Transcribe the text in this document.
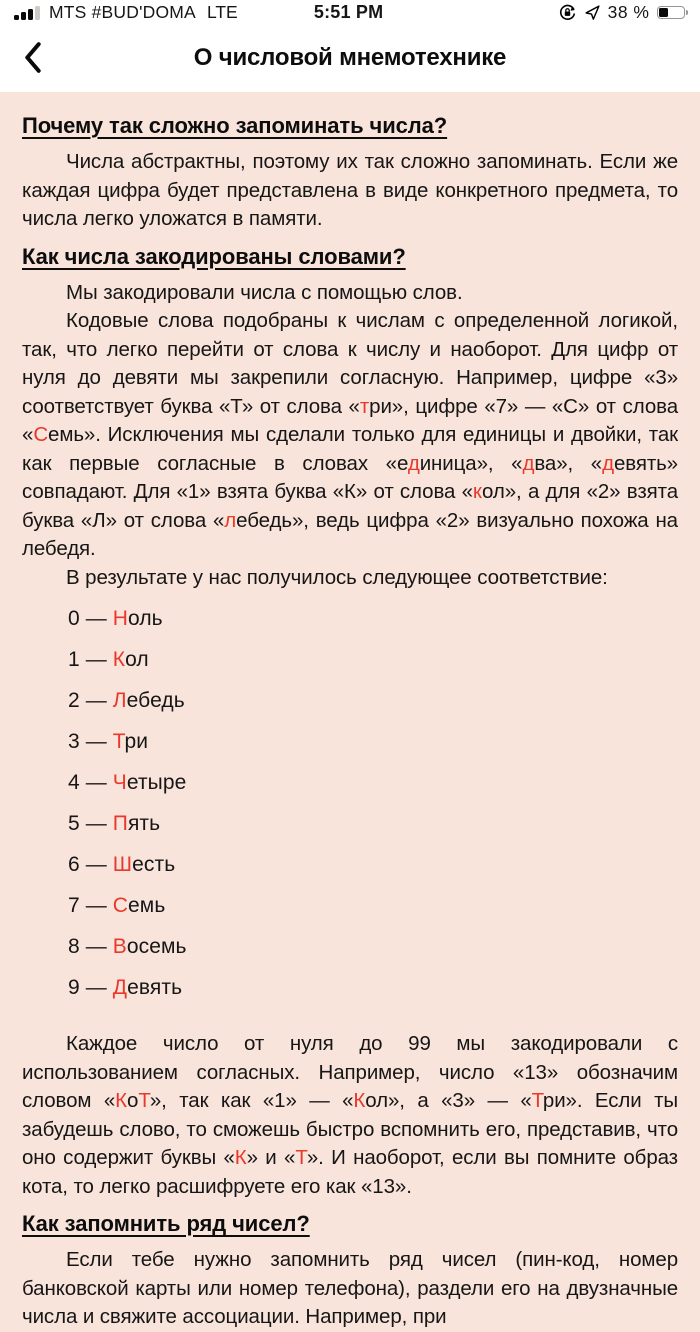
MTS #BUD'DOMA LTE	5:51 PM	38 %
О числовой мнемотехнике
Почему так сложно запоминать числа?

Числа абстрактны, поэтому их так сложно запоминать. Если же каждая цифра будет представлена в виде конкретного предмета, то числа легко уложатся в памяти.

Как числа закодированы словами?

Мы закодировали числа с помощью слов.

Кодовые слова подобраны к числам с определенной логикой, так, что легко перейти от слова к числу и наоборот. Для цифр от нуля до девяти мы закрепили согласную. Например, цифре «3» соответствует буква «Т» от слова «три», цифре «7» — «С» от слова «Семь». Исключения мы сделали только для единицы и двойки, так как первые согласные в словах «единица», «два», «девять» совпадают. Для «1» взята буква «К» от слова «кол», а для «2» взята буква «Л» от слова «лебедь», ведь цифра «2» визуально похожа на лебедя.

В результате у нас получилось следующее соответствие:

0 — Ноль
1 — Кол
2 — Лебедь
3 — Три
4 — Четыре
5 — Пять
6 — Шесть
7 — Семь
8 — Восемь
9 — Девять

Каждое число от нуля до 99 мы закодировали с использованием согласных. Например, число «13» обозначим словом «КоТ», так как «1» — «Кол», а «3» — «Три». Если ты забудешь слово, то сможешь быстро вспомнить его, представив, что оно содержит буквы «К» и «Т». И наоборот, если вы помните образ кота, то легко расшифруете его как «13».

Как запомнить ряд чисел?

Если тебе нужно запомнить ряд чисел (пин-код, номер банковской карты или номер телефона), раздели его на двузначные числа и свяжите ассоциации. Например, при
